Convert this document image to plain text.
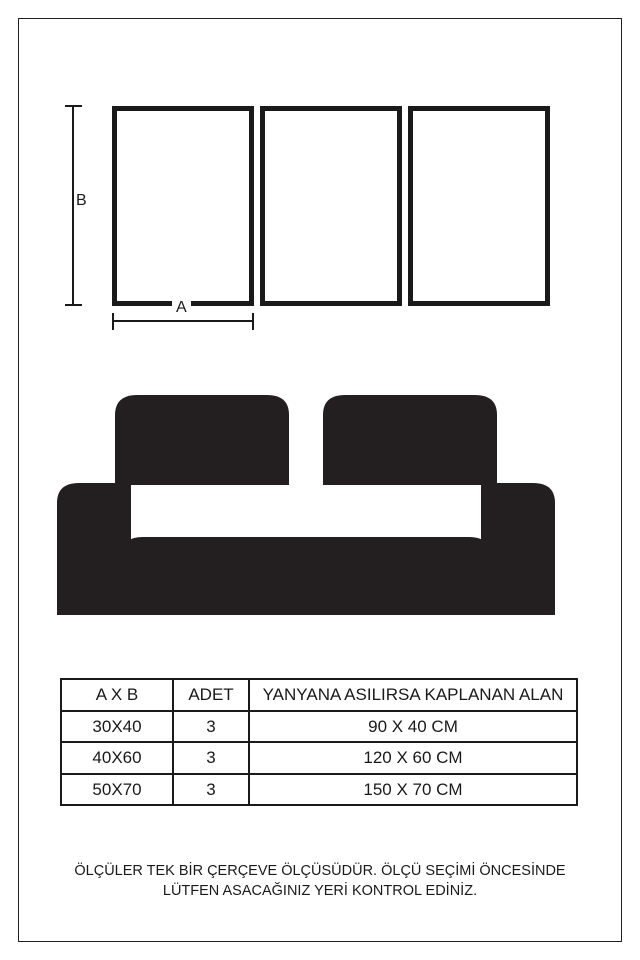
B
A
A X B	ADET	YANYANA ASILIRSA KAPLANAN ALAN
30X40	3	90 X 40 CM
40X60	3	120 X 60 CM
50X70	3	150 X 70 CM
ÖLÇÜLER TEK BİR ÇERÇEVE ÖLÇÜSÜDÜR. ÖLÇÜ SEÇİMİ ÖNCESİNDE
LÜTFEN ASACAĞINIZ YERİ KONTROL EDİNİZ.
